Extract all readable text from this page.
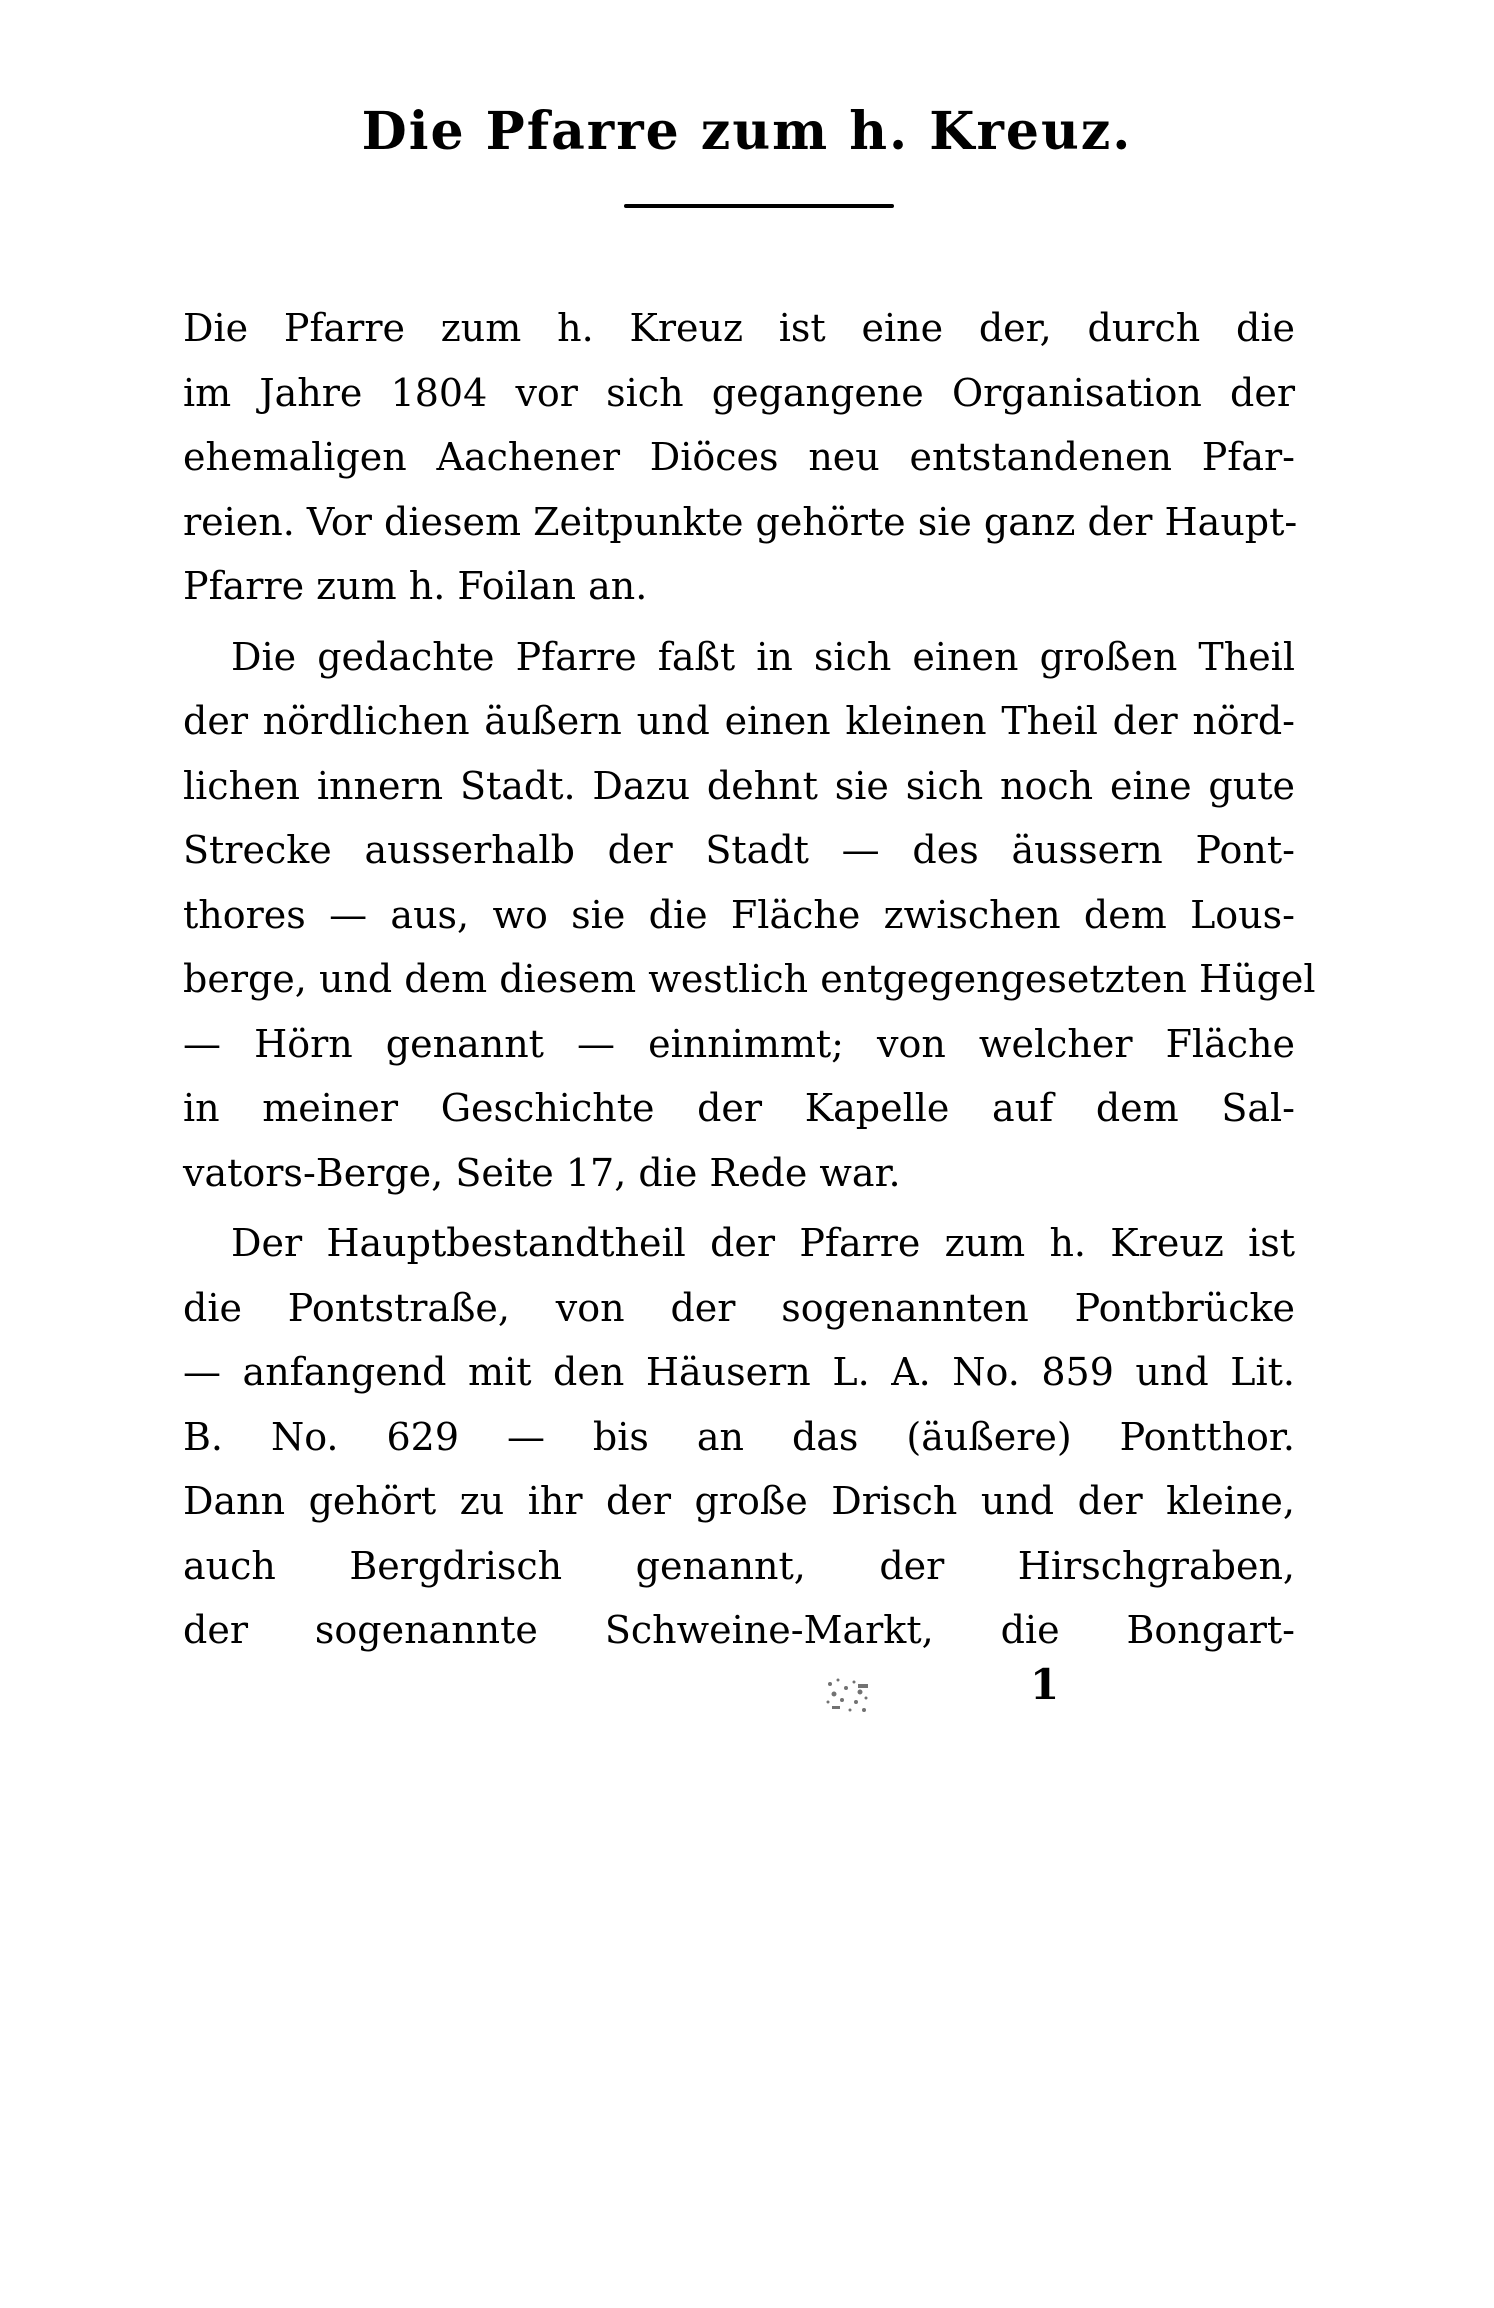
Die Pfarre zum h. Kreuz.
Die Pfarre zum h. Kreuz ist eine der, durch die
im Jahre 1804 vor sich gegangene Organisation der
ehemaligen Aachener Diöces neu entstandenen Pfar-
reien. Vor diesem Zeitpunkte gehörte sie ganz der Haupt-
Pfarre zum h. Foilan an.
Die gedachte Pfarre faßt in sich einen großen Theil
der nördlichen äußern und einen kleinen Theil der nörd-
lichen innern Stadt. Dazu dehnt sie sich noch eine gute
Strecke ausserhalb der Stadt — des äussern Pont-
thores — aus, wo sie die Fläche zwischen dem Lous-
berge, und dem diesem westlich entgegengesetzten Hügel
— Hörn genannt — einnimmt; von welcher Fläche
in meiner Geschichte der Kapelle auf dem Sal-
vators-Berge, Seite 17, die Rede war.
Der Hauptbestandtheil der Pfarre zum h. Kreuz ist
die Pontstraße, von der sogenannten Pontbrücke
— anfangend mit den Häusern L. A. No. 859 und Lit.
B. No. 629 — bis an das (äußere) Pontthor.
Dann gehört zu ihr der große Drisch und der kleine,
auch Bergdrisch genannt, der Hirschgraben,
der sogenannte Schweine-Markt, die Bongart-
1
